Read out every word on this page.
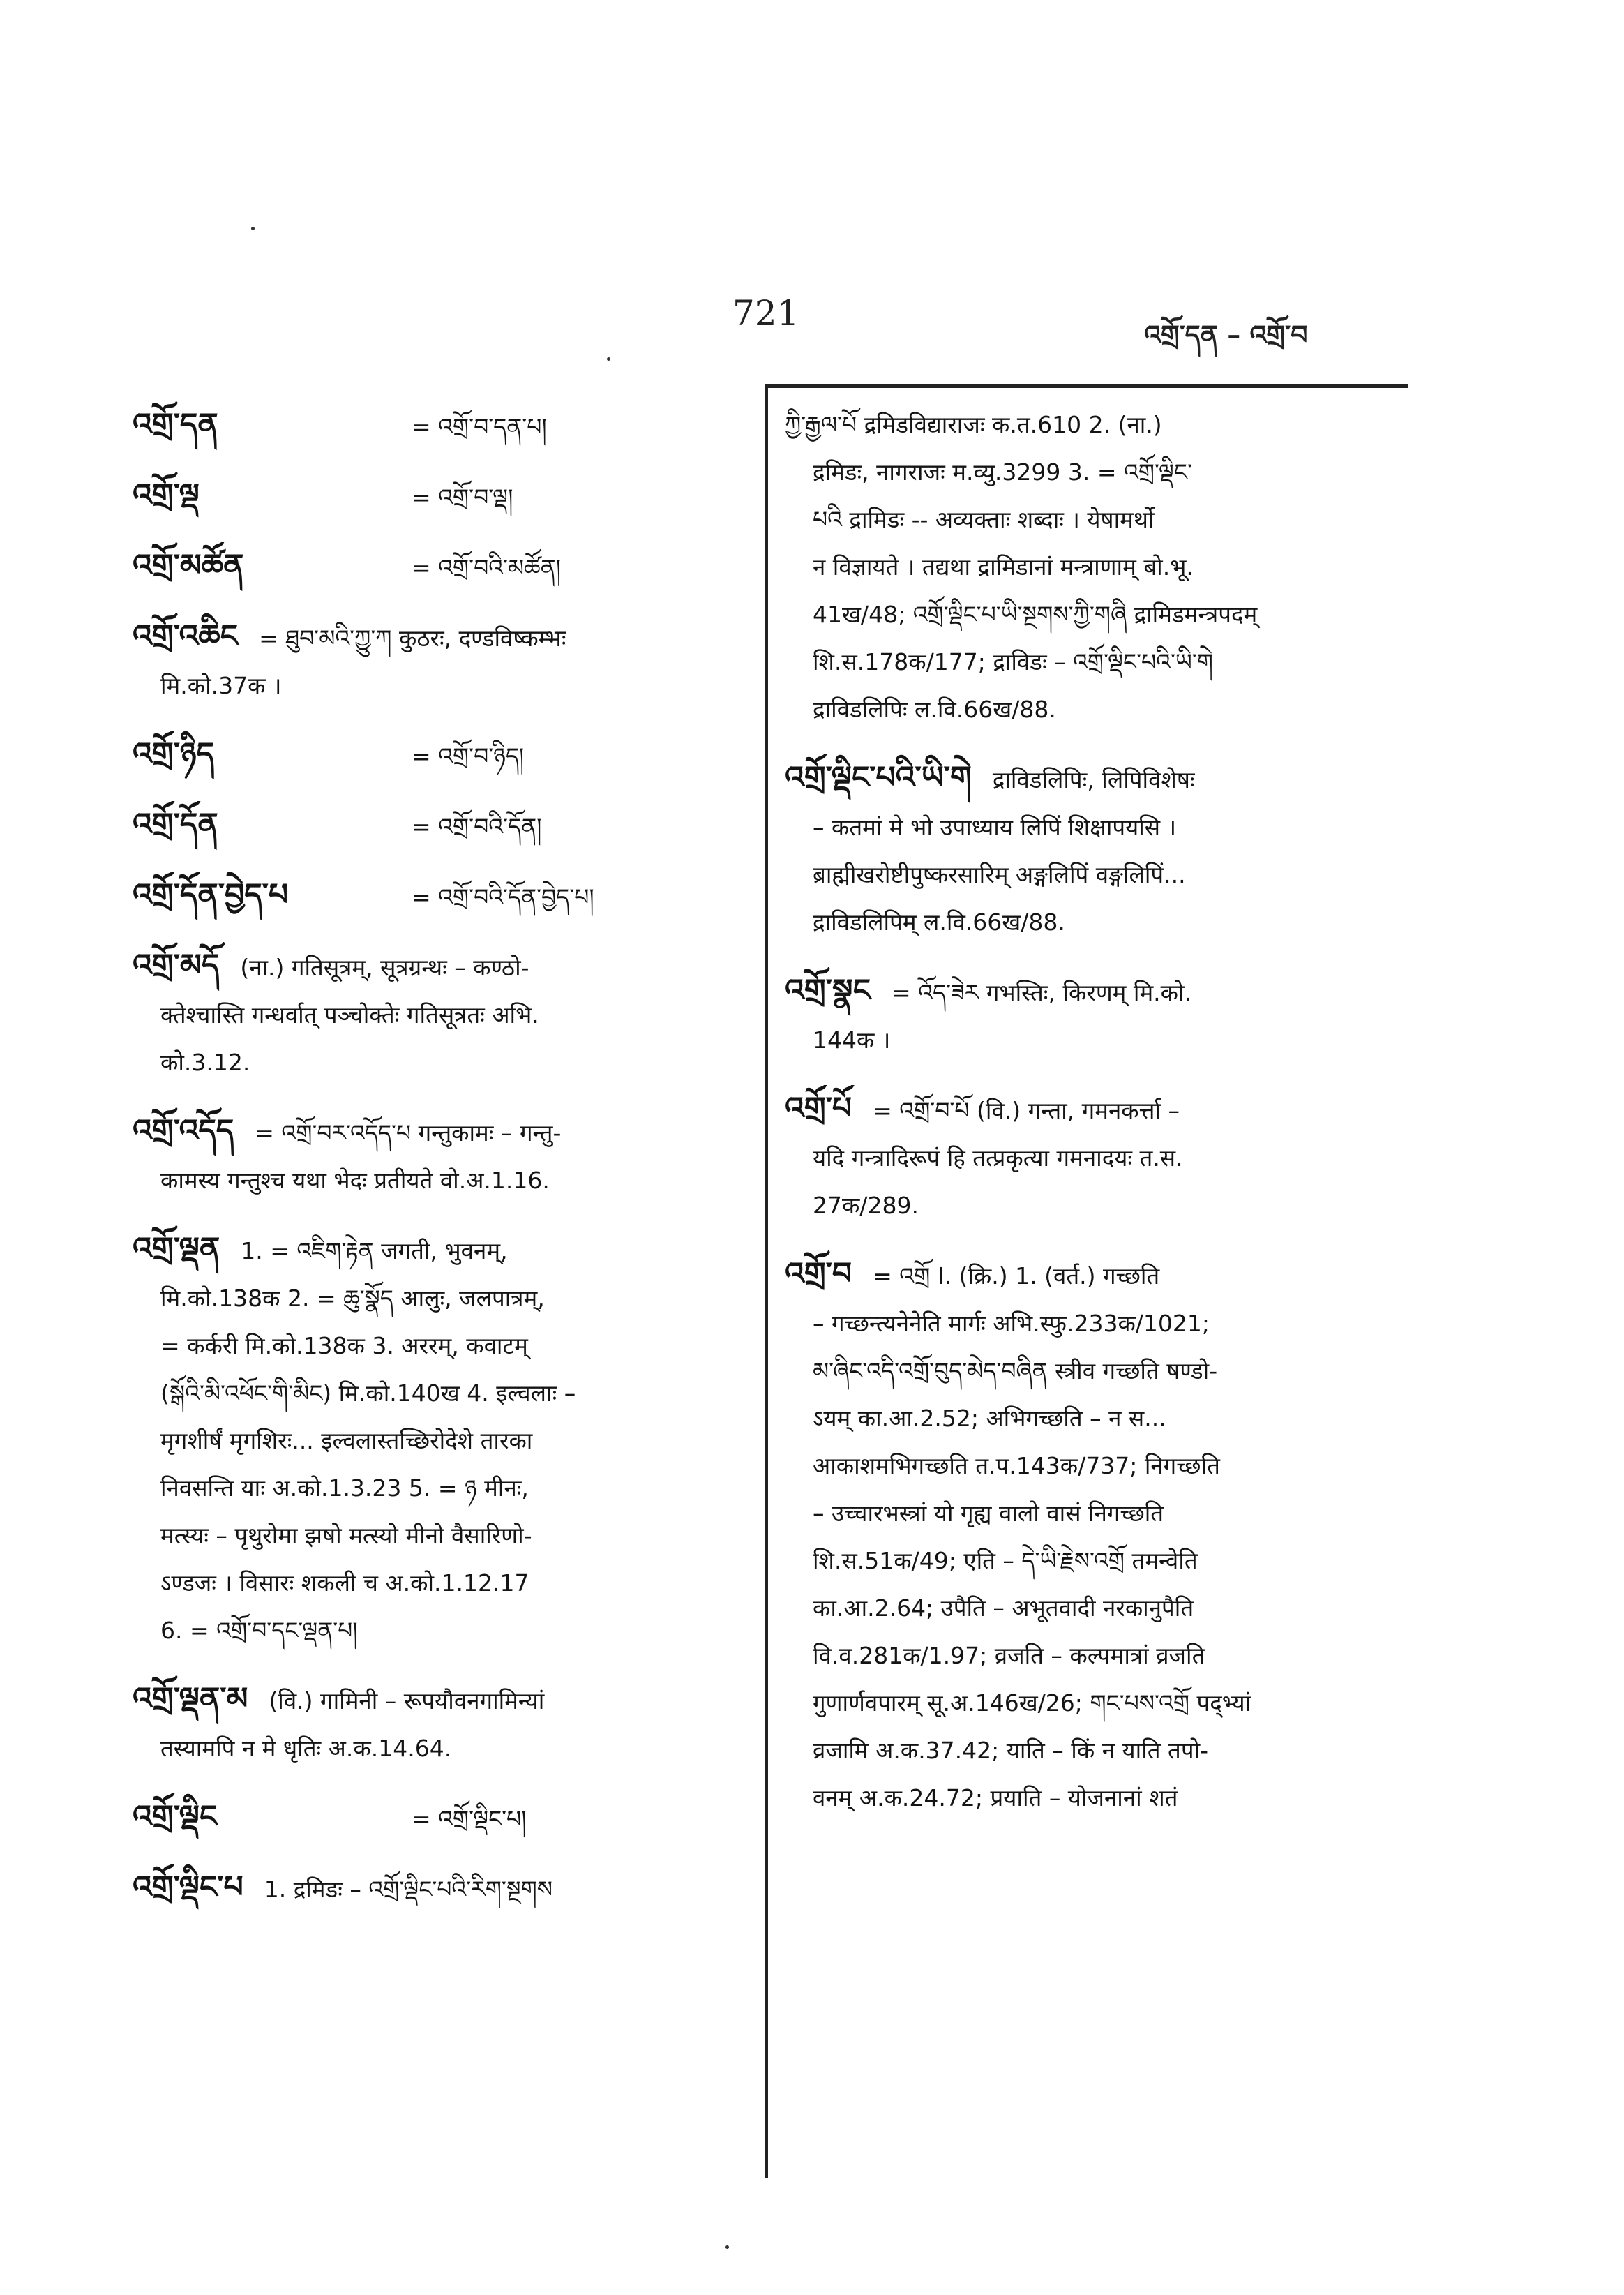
721
འགྲོ་དན – འགྲོ་བ
འགྲོ་དན	= འགྲོ་བ་དན་པ།
འགྲོ་ལྡ	= འགྲོ་བ་ལྡ།
འགྲོ་མཚོན	= འགྲོ་བའི་མཚོན།
འགྲོ་འཆིང = ཐུབ་མའི་ཀྱུ་ཀ कुठरः, दण्डविष्कम्भः
मि.को.37क ।
འགྲོ་ཉིད	= འགྲོ་བ་ཉིད།
འགྲོ་དོན	= འགྲོ་བའི་དོན།
འགྲོ་དོན་བྱེད་པ	= འགྲོ་བའི་དོན་བྱེད་པ།
འགྲོ་མདོ (ना.) गतिसूत्रम्, सूत्रग्रन्थः – कण्ठो-
क्तेश्चास्ति गन्धर्वात् पञ्चोक्तेः गतिसूत्रतः अभि.
को.3.12.
འགྲོ་འདོད = འགྲོ་བར་འདོད་པ गन्तुकामः – गन्तु-
कामस्य गन्तुश्च यथा भेदः प्रतीयते वो.अ.1.16.
འགྲོ་ལྡན 1. = འཇིག་རྟེན जगती, भुवनम्,
मि.को.138क 2. = ཆུ་སྣོད आलुः, जलपात्रम्,
= कर्करी मि.को.138क 3. अररम्, कवाटम्
(སྒོའི་མི་འཕོང་གི་མིང) मि.को.140ख 4. इल्वलाः –
मृगशीर्षं मृगशिरः... इल्वलास्तच्छिरोदेशे तारका
निवसन्ति याः अ.को.1.3.23 5. = ཉ मीनः,
मत्स्यः – पृथुरोमा झषो मत्स्यो मीनो वैसारिणो-
ऽण्डजः । विसारः शकली च अ.को.1.12.17
6. = འགྲོ་བ་དང་ལྡན་པ།
འགྲོ་ལྡན་མ (वि.) गामिनी – रूपयौवनगामिन्यां
तस्यामपि न मे धृतिः अ.क.14.64.
འགྲོ་ལྡིང	= འགྲོ་ལྡིང་པ།
འགྲོ་ལྡིང་པ 1. द्रमिडः – འགྲོ་ལྡིང་པའི་རིག་སྔགས
ཀྱི་རྒྱལ་པོ द्रमिडविद्याराजः क.त.610 2. (ना.)
द्रमिडः, नागराजः म.व्यु.3299 3. = འགྲོ་ལྡིང་
པའི द्रामिडः -- अव्यक्ताः शब्दाः । येषामर्थो
न विज्ञायते । तद्यथा द्रामिडानां मन्त्राणाम् बो.भू.
41ख/48; འགྲོ་ལྡིང་པ་ཡི་སྔགས་ཀྱི་གཞི द्रामिडमन्त्रपदम्
शि.स.178क/177; द्राविडः – འགྲོ་ལྡིང་པའི་ཡི་གེ
द्राविडलिपिः ल.वि.66ख/88.
འགྲོ་ལྡིང་པའི་ཡི་གེ द्राविडलिपिः, लिपिविशेषः
– कतमां मे भो उपाध्याय लिपिं शिक्षापयसि ।
ब्राह्मीखरोष्टीपुष्करसारिम् अङ्गलिपिं वङ्गलिपिं...
द्राविडलिपिम् ल.वि.66ख/88.
འགྲོ་སྣང = འོད་ཟེར गभस्तिः, किरणम् मि.को.
144क ।
འགྲོ་པོ = འགྲོ་བ་པོ (वि.) गन्ता, गमनकर्त्ता –
यदि गन्त्रादिरूपं हि तत्प्रकृत्या गमनादयः त.स.
27क/289.
འགྲོ་བ = འགྲོ I. (क्रि.) 1. (वर्त.) गच्छति
– गच्छन्त्यनेनेति मार्गः अभि.स्फु.233क/1021;
མ་ཞིང་འདི་འགྲོ་བུད་མེད་བཞིན स्त्रीव गच्छति षण्डो-
ऽयम् का.आ.2.52; अभिगच्छति – न स...
आकाशमभिगच्छति त.प.143क/737; निगच्छति
– उच्चारभस्त्रां यो गृह्य वालो वासं निगच्छति
शि.स.51क/49; एति – དེ་ཡི་རྗེས་འགྲོ तमन्वेति
का.आ.2.64; उपैति – अभूतवादी नरकानुपैति
वि.व.281क/1.97; व्रजति – कल्पमात्रां व्रजति
गुणार्णवपारम् सू.अ.146ख/26; གང་པས་འགྲོ पद्भ्यां
व्रजामि अ.क.37.42; याति – किं न याति तपो-
वनम् अ.क.24.72; प्रयाति – योजनानां शतं
